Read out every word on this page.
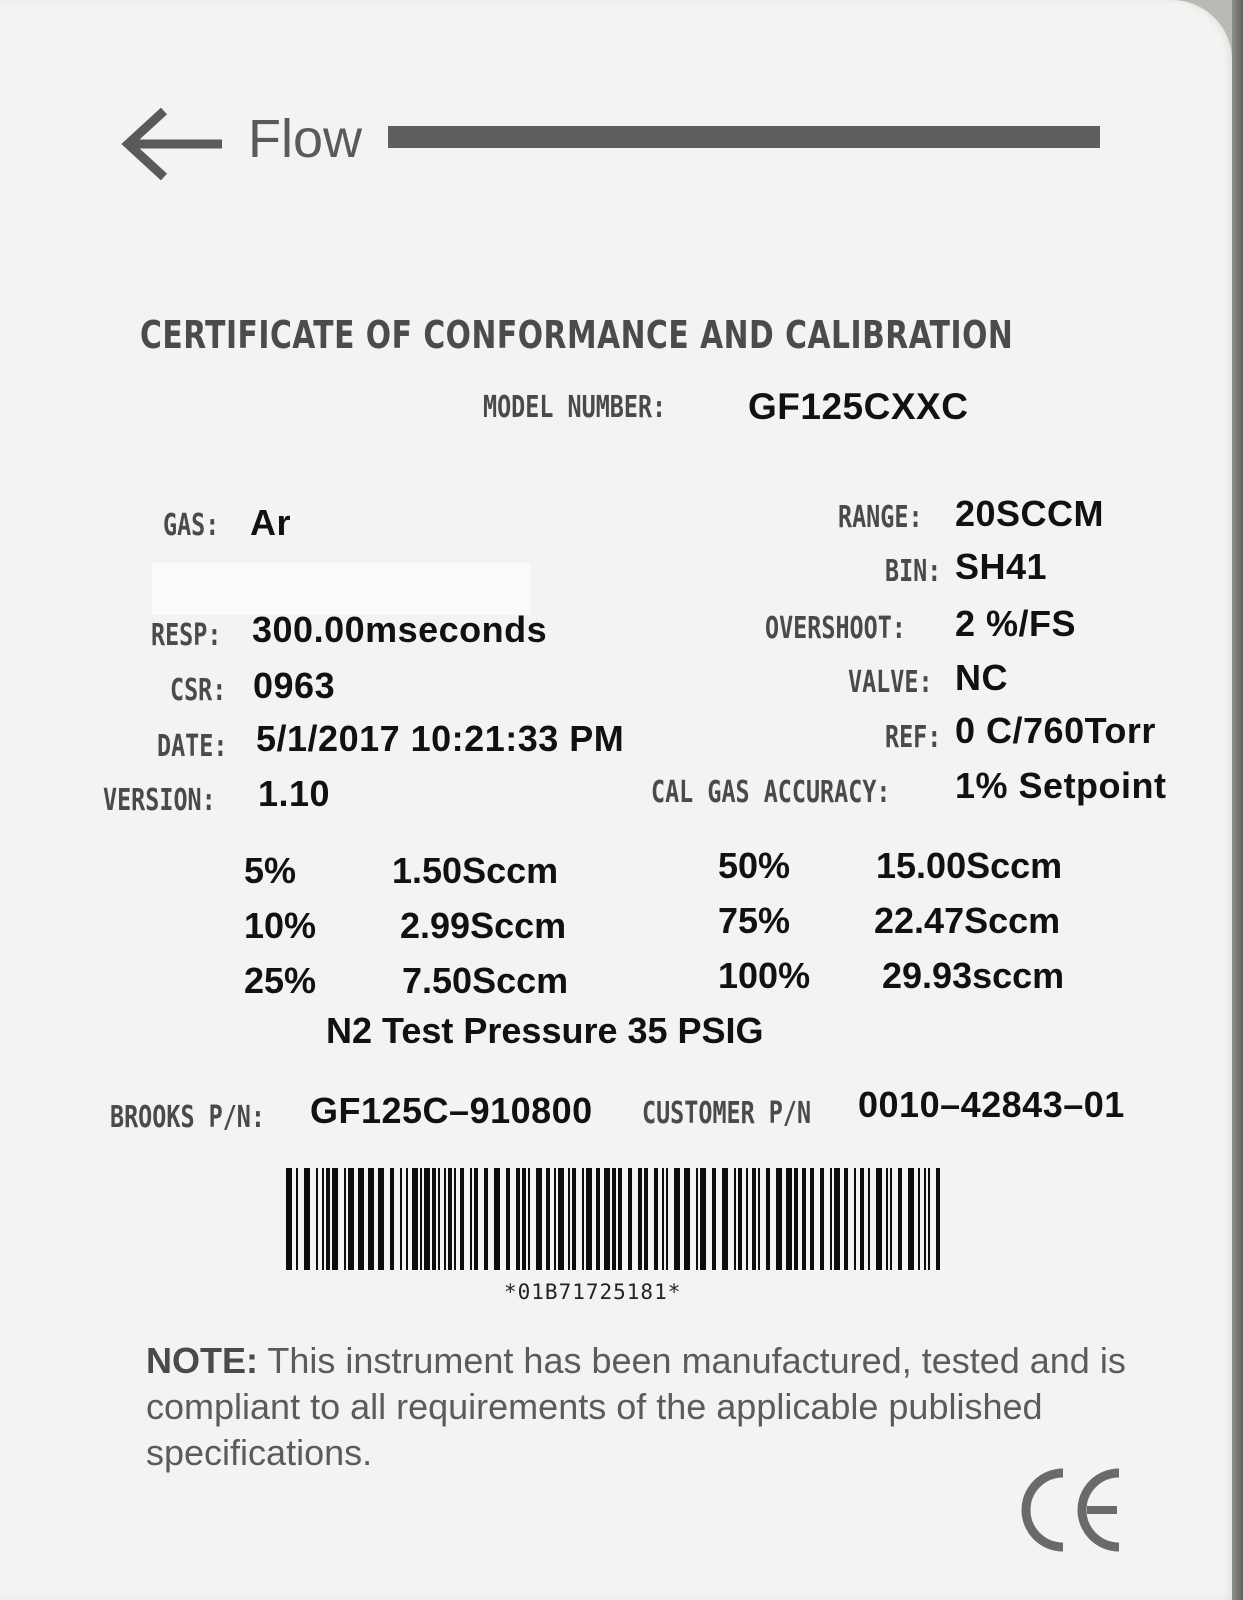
Flow
CERTIFICATE OF CONFORMANCE AND CALIBRATION
MODEL NUMBER: GF125CXXC
GAS: Ar
RESP: 300.00mseconds
CSR: 0963
DATE: 5/1/2017 10:21:33 PM
VERSION: 1.10
RANGE: 20SCCM
BIN: SH41
OVERSHOOT: 2 %/FS
VALVE: NC
REF: 0 C/760Torr
CAL GAS ACCURACY: 1% Setpoint
5%	1.50Sccm
10% 2.99Sccm
25% 7.50Sccm
50% 15.00Sccm
75% 22.47Sccm
100% 29.93sccm
N2 Test Pressure 35 PSIG
BROOKS P/N: GF125C–910800 CUSTOMER P/N 0010–42843–01
*01B71725181*
NOTE: This instrument has been manufactured, tested and is compliant to all requirements of the applicable published specifications.
